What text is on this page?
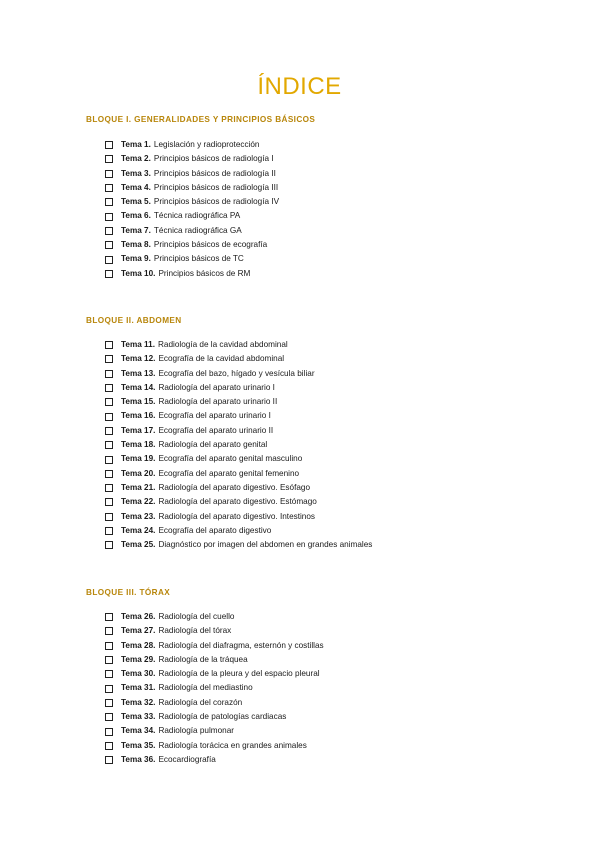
ÍNDICE
BLOQUE I. GENERALIDADES Y PRINCIPIOS BÁSICOS
Tema 1. Legislación y radioprotección
Tema 2. Principios básicos de radiología I
Tema 3. Principios básicos de radiología II
Tema 4. Principios básicos de radiología III
Tema 5. Principios básicos de radiología IV
Tema 6. Técnica radiográfica PA
Tema 7. Técnica radiográfica GA
Tema 8. Principios básicos de ecografía
Tema 9. Principios básicos de TC
Tema 10. Principios básicos de RM
BLOQUE II. ABDOMEN
Tema 11. Radiología de la cavidad abdominal
Tema 12. Ecografía de la cavidad abdominal
Tema 13. Ecografía del bazo, hígado y vesícula biliar
Tema 14. Radiología del aparato urinario I
Tema 15. Radiología del aparato urinario II
Tema 16. Ecografía del aparato urinario I
Tema 17. Ecografía del aparato urinario II
Tema 18. Radiología del aparato genital
Tema 19. Ecografía del aparato genital masculino
Tema 20. Ecografía del aparato genital femenino
Tema 21. Radiología del aparato digestivo. Esófago
Tema 22. Radiología del aparato digestivo. Estómago
Tema 23. Radiología del aparato digestivo. Intestinos
Tema 24. Ecografía del aparato digestivo
Tema 25. Diagnóstico por imagen del abdomen en grandes animales
BLOQUE III. TÓRAX
Tema 26. Radiología del cuello
Tema 27. Radiología del tórax
Tema 28. Radiología del diafragma, esternón y costillas
Tema 29. Radiología de la tráquea
Tema 30. Radiología de la pleura y del espacio pleural
Tema 31. Radiología del mediastino
Tema 32. Radiología del corazón
Tema 33. Radiología de patologías cardiacas
Tema 34. Radiología pulmonar
Tema 35. Radiología torácica en grandes animales
Tema 36. Ecocardiografía
